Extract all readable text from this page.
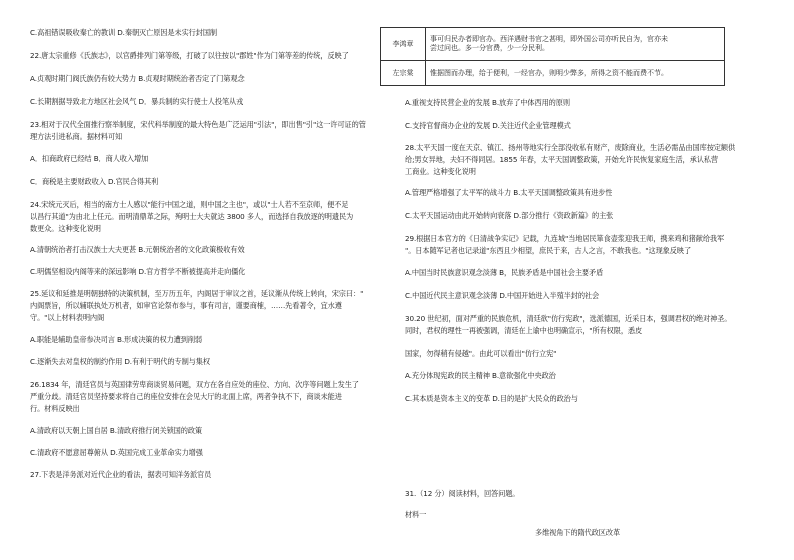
C.高祖错误吸收秦亡的教训 D.秦朝灭亡原因是未实行封国制
22.唐太宗重修《氏族志》，以官爵排列门第等级，打破了以往按以"郡姓"作为门第等差的传统，反映了
A.贞观时期门阀氏族仍有较大势力 B.贞观时期统治者否定了门第观念
C.长期割据导致北方地区社会风气 D．暴兵制的实行使士人投笔从戎
23.相对于汉代全面推行察举制度，宋代科举制度的最大特色是广泛运用"引法"，即出售"引"这一许可证的管
理方法引进私商。据材料可知
A．扣商政府已经结 B．商人收入增加
C．商税是主要财政收入 D.官民合得其利
24.宋统元灭后，相当的南方士人感以"能行中国之道，则中国之主也"，或以"士人若不至京师，便不足
以昌行其道"为由北上任元。而明清鼎革之际，殉明士大夫就达 3800 多人，而选择自我放逐的明遗民为
数更众。这种变化说明
A.清朝统治者打击汉族士大夫更甚 B.元朝统治者的文化政策极收有效
C.明儒坚相设内阁等来的深远影响 D.官方哲学不断被提高并走向僵化
25.延议和延推是明朝独特的决策机制，至万历五年，内阁居于审议之首，延议渐从传统上转向，宋宗曰："
内阁票旨，所以辅联执处万机者，如审官论祭布参与，事有司言，谨要商榷，……先看著令，宜水遵
守。"以上材料表明内阁
A.职能是辅助皇帝参决司言 B.形成决策的权力遭到削弱
C.逐渐失去对皇权的制约作用 D.有利于明代的专制与集权
26.1834 年，清廷官员与英国律劳卑商谈贸易问题，双方在各自应处的座位、方向、次序等问题上发生了
严重分歧。清廷官员坚持要求将自己的座位安排在会见大厅的北面上席，两者争执不下，商谈未能进
行。材料反映出
A.清政府以天朝上国自居 B.清政府推行闭关锁国的政策
C.清政府不愿意屈尊俯从 D.英国完成工业革命实力增强
27.下表是洋务派对近代企业的看法，据表可知洋务派官员
李鸿章	事可归民办者即官办。西洋遇财书官之甚明，即外国公司亦听民自为，官亦未
尝过问也。多一分官费，少一分民利。

左宗棠	惟据图而办理，给于便利，一经官办，则明少弊多，所得之资不能而费不节。
A.重视支持民营企业的发展 B.放弃了中体西用的原则
C.支持官督商办企业的发展 D.关注近代企业管理模式
28.太平天国一度在天京、镇江、扬州等地实行全部没收私有财产，废除商业，生活必需品由国库按定额供
给;男女异地，夫妇不得同居。1855 年春，太平天国调整政策，开始允许民恢复家庭生活，承认私营
工商业。这种变化说明
A.管理严格增强了太平军的战斗力 B.太平天国调整政策具有进步性
C.太平天国运动由此开始转向衰落 D.部分推行《资政新篇》的主张
29.根据日本官方的《日清战争实记》记载，九连城"当地居民箪食壶浆迎我王师，携来鸡和猪献给我军
"。日本随军记者也记录道"东西且少相望，庶民于来，古人之言，不敢我也。"这现象反映了
A.中国当时民族意识观念淡薄 B，民族矛盾是中国社会主要矛盾
C.中国近代民主意识观念淡薄 D.中国开始进入半殖半封的社会
30.20 世纪初，面对严重的民族危机，清廷欲"仿行宪政"，选派德国，近采日本，强调君权的绝对神圣。
同时，君权的理性一再被强调，清廷在上谕中也明确宣示，"所有权限，悉皮
国家，勿得稍有侵越"。由此可以看出"仿行立宪"
A.充分体现宪政的民主精神 B.意欲强化中央政治
C.其本质是资本主义的变革 D.目的是扩大民众的政治与
31.（12 分）阅读材料，回答问题。
材料一
多维视角下的隋代政区改革
